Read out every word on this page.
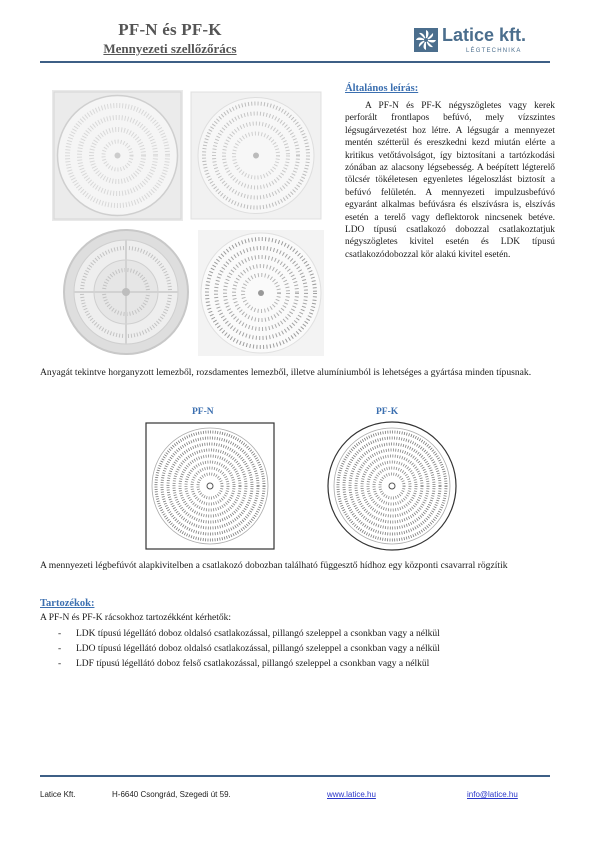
PF-N és PF-K
Mennyezeti szellőzőrács
Latice kft.
LÉGTECHNIKA
Általános leírás:
A PF-N és PF-K négyszögletes vagy kerek perforált frontlapos befúvó, mely vízszintes légsugárvezetést hoz létre. A légsugár a mennyezet mentén szétterül és ereszkedni kezd miután elérte a kritikus vetőtávolságot, így biztosítani a tartózkodási zónában az alacsony légsebesség. A beépített légterelő tölcsér tökéletesen egyenletes légeloszlást biztosít a befúvó felületén. A mennyezeti impulzusbefúvó egyaránt alkalmas befúvásra és elszívásra is, elszívás esetén a terelő vagy deflektorok nincsenek betéve. LDO típusú csatlakozó dobozzal csatlakoztatjuk négyszögletes kivitel esetén és LDK típusú csatlakozódobozzal kör alakú kivitel esetén.
Anyagát tekintve horganyzott lemezből, rozsdamentes lemezből, illetve alumíniumból is lehetséges a gyártása minden típusnak.
PF-N	PF-K
A mennyezeti légbefúvót alapkivitelben a csatlakozó dobozban található függesztő hídhoz egy központi csavarral rögzítik
Tartozékok:
A PF-N és PF-K rácsokhoz tartozékként kérhetők:
- LDK típusú légellátó doboz oldalsó csatlakozással, pillangó szeleppel a csonkban vagy a nélkül
- LDO típusú légellátó doboz oldalsó csatlakozással, pillangó szeleppel a csonkban vagy a nélkül
- LDF típusú légellátó doboz felső csatlakozással, pillangó szeleppel a csonkban vagy a nélkül
Latice Kft.	H-6640 Csongrád, Szegedi út 59.	www.latice.hu	info@latice.hu
